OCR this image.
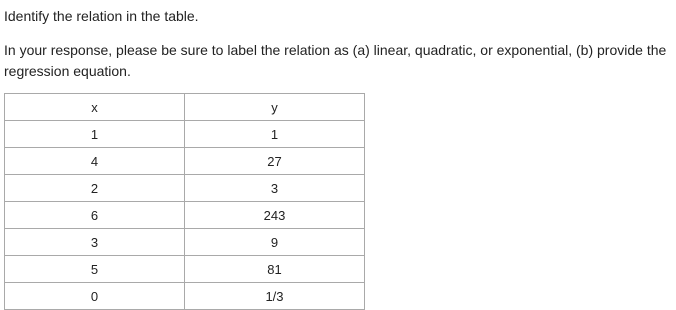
Identify the relation in the table.
In your response, please be sure to label the relation as (a) linear, quadratic, or exponential, (b) provide the regression equation.
x	y
1	1
4	27
2	3
6	243
3	9
5	81
0	1/3
